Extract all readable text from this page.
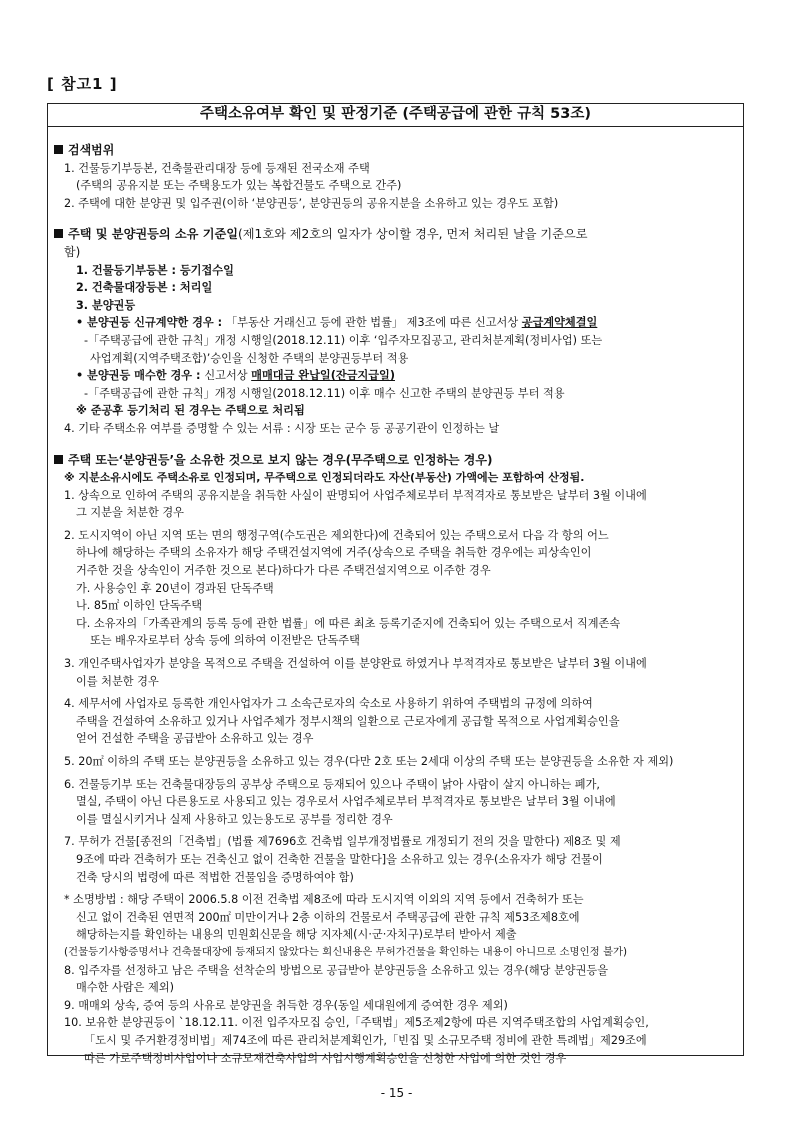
[ 참고1 ]
주택소유여부 확인 및 판정기준 (주택공급에 관한 규칙 53조)
검색범위
1. 건물등기부등본, 건축물관리대장 등에 등재된 전국소재 주택
(주택의 공유지분 또는 주택용도가 있는 복합건물도 주택으로 간주)
2. 주택에 대한 분양권 및 입주권(이하 ‘분양권등’, 분양권등의 공유지분을 소유하고 있는 경우도 포함)
주택 및 분양권등의 소유 기준일(제1호와 제2호의 일자가 상이할 경우, 먼저 처리된 날을 기준으로
함)
1. 건물등기부등본 : 등기접수일
2. 건축물대장등본 : 처리일
3. 분양권등
• 분양권등 신규계약한 경우 : 「부동산 거래신고 등에 관한 법률」 제3조에 따른 신고서상 공급계약체결일
-「주택공급에 관한 규칙」개정 시행일(2018.12.11) 이후 ‘입주자모집공고, 관리처분계획(정비사업) 또는
사업계획(지역주택조합)’승인을 신청한 주택의 분양권등부터 적용
• 분양권등 매수한 경우 : 신고서상 매매대금 완납일(잔금지급일)
-「주택공급에 관한 규칙」개정 시행일(2018.12.11) 이후 매수 신고한 주택의 분양권등 부터 적용
※ 준공후 등기처리 된 경우는 주택으로 처리됨
4. 기타 주택소유 여부를 증명할 수 있는 서류 : 시장 또는 군수 등 공공기관이 인정하는 날
주택 또는‘분양권등’을 소유한 것으로 보지 않는 경우(무주택으로 인정하는 경우)
※ 지분소유시에도 주택소유로 인정되며, 무주택으로 인정되더라도 자산(부동산) 가액에는 포함하여 산정됨.
1. 상속으로 인하여 주택의 공유지분을 취득한 사실이 판명되어 사업주체로부터 부적격자로 통보받은 날부터 3월 이내에
그 지분을 처분한 경우
2. 도시지역이 아닌 지역 또는 면의 행정구역(수도권은 제외한다)에 건축되어 있는 주택으로서 다음 각 항의 어느
하나에 해당하는 주택의 소유자가 해당 주택건설지역에 거주(상속으로 주택을 취득한 경우에는 피상속인이
거주한 것을 상속인이 거주한 것으로 본다)하다가 다른 주택건설지역으로 이주한 경우
가. 사용승인 후 20년이 경과된 단독주택
나. 85㎡ 이하인 단독주택
다. 소유자의「가족관계의 등록 등에 관한 법률」에 따른 최초 등록기준지에 건축되어 있는 주택으로서 직계존속
또는 배우자로부터 상속 등에 의하여 이전받은 단독주택
3. 개인주택사업자가 분양을 목적으로 주택을 건설하여 이를 분양완료 하였거나 부적격자로 통보받은 날부터 3월 이내에
이를 처분한 경우
4. 세무서에 사업자로 등록한 개인사업자가 그 소속근로자의 숙소로 사용하기 위하여 주택법의 규정에 의하여
주택을 건설하여 소유하고 있거나 사업주체가 정부시책의 일환으로 근로자에게 공급할 목적으로 사업계획승인을
얻어 건설한 주택을 공급받아 소유하고 있는 경우
5. 20㎡ 이하의 주택 또는 분양권등을 소유하고 있는 경우(다만 2호 또는 2세대 이상의 주택 또는 분양권등을 소유한 자 제외)
6. 건물등기부 또는 건축물대장등의 공부상 주택으로 등재되어 있으나 주택이 낡아 사람이 살지 아니하는 폐가,
멸실, 주택이 아닌 다른용도로 사용되고 있는 경우로서 사업주체로부터 부적격자로 통보받은 날부터 3월 이내에
이를 멸실시키거나 실제 사용하고 있는용도로 공부를 정리한 경우
7. 무허가 건물[종전의「건축법」(법률 제7696호 건축법 일부개정법률로 개정되기 전의 것을 말한다) 제8조 및 제
9조에 따라 건축허가 또는 건축신고 없이 건축한 건물을 말한다]을 소유하고 있는 경우(소유자가 해당 건물이
건축 당시의 법령에 따른 적법한 건물임을 증명하여야 함)
* 소명방법 : 해당 주택이 2006.5.8 이전 건축법 제8조에 따라 도시지역 이외의 지역 등에서 건축허가 또는
신고 없이 건축된 연면적 200㎡ 미만이거나 2층 이하의 건물로서 주택공급에 관한 규칙 제53조제8호에
해당하는지를 확인하는 내용의 민원회신문을 해당 지자체(시·군·자치구)로부터 받아서 제출
(건물등기사항증명서나 건축물대장에 등재되지 않았다는 회신내용은 무허가건물을 확인하는 내용이 아니므로 소명인정 불가)
8. 입주자를 선정하고 남은 주택을 선착순의 방법으로 공급받아 분양권등을 소유하고 있는 경우(해당 분양권등을
매수한 사람은 제외)
9. 매매외 상속, 증여 등의 사유로 분양권을 취득한 경우(동일 세대원에게 증여한 경우 제외)
10. 보유한 분양권등이 `18.12.11. 이전 입주자모집 승인,「주택법」제5조제2항에 따른 지역주택조합의 사업계획승인,
「도시 및 주거환경정비법」제74조에 따른 관리처분계획인가,「빈집 및 소규모주택 정비에 관한 특례법」제29조에
따른 가로주택정비사업이나 소규모재건축사업의 사업시행계획승인을 신청한 사업에 의한 것인 경우
- 15 -
